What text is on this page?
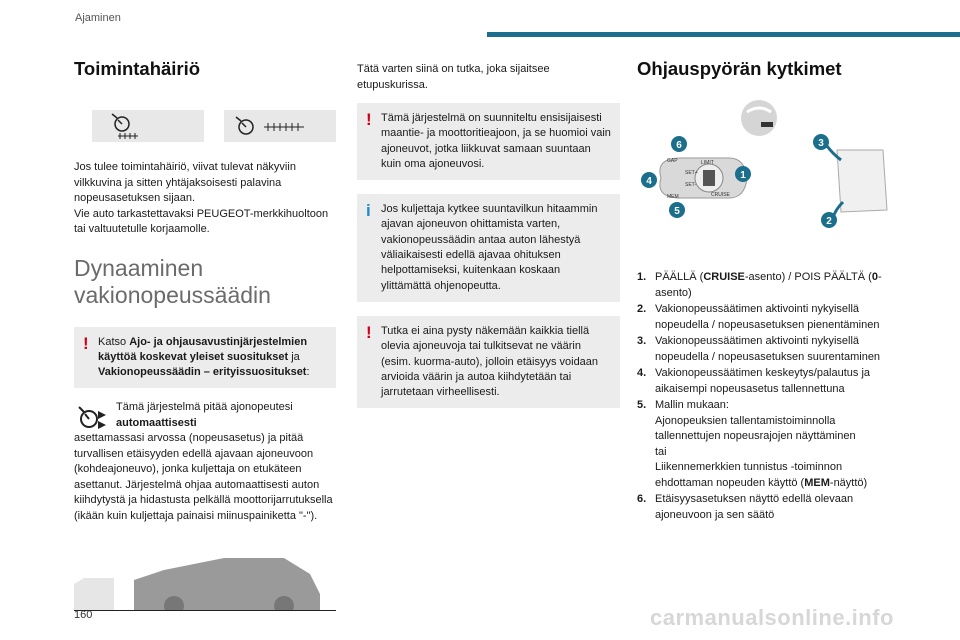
Ajaminen
Toimintahäiriö

Jos tulee toimintahäiriö, viivat tulevat näkyviin vilkkuvina ja sitten yhtäjaksoisesti palavina nopeusasetuksen sijaan.

Vie auto tarkastettavaksi PEUGEOT-merkkihuoltoon tai valtuutetulle korjaamolle.

Dynaaminen
vakionopeussäädin
! Katso Ajo- ja ohjausavustinjärjestelmien käyttöä koskevat yleiset suositukset ja Vakionopeussäädin – erityissuositukset:

Tämä järjestelmä pitää ajonopeutesi automaattisesti

asettamassasi arvossa (nopeusasetus) ja pitää turvallisen etäisyyden edellä ajavaan ajoneuvoon (kohdeajoneuvo), jonka kuljettaja on etukäteen asettanut. Järjestelmä ohjaa automaattisesti auton kiihdytystä ja hidastusta pelkällä moottorijarrutuksella (ikään kuin kuljettaja painaisi miinuspainiketta "-").

Tätä varten siinä on tutka, joka sijaitsee etupuskurissa.

! Tämä järjestelmä on suunniteltu ensisijaisesti maantie- ja moottoritieajoon, ja se huomioi vain ajoneuvot, jotka liikkuvat samaan suuntaan kuin oma ajoneuvosi.
i Jos kuljettaja kytkee suuntavilkun hitaammin ajavan ajoneuvon ohittamista varten, vakionopeussäädin antaa auton lähestyä väliaikaisesti edellä ajavaa ohituksen helpottamiseksi, kuitenkaan koskaan ylittämättä ohjenopeutta.
! Tutka ei aina pysty näkemään kaikkia tiellä olevia ajoneuvoja tai tulkitsevat ne väärin (esim. kuorma-auto), jolloin etäisyys voidaan arvioida väärin ja autoa kiihdytetään tai jarrutetaan virheellisesti.
Ohjauspyörän kytkimet
1
2
3
4
5
6
GAP
MEM
LIMIT
SET+
SET-
CRUISE
1. PÄÄLLÄ (CRUISE-asento) / POIS PÄÄLTÄ (0-asento)
2. Vakionopeussäätimen aktivointi nykyisellä nopeudella / nopeusasetuksen pienentäminen
3. Vakionopeussäätimen aktivointi nykyisellä nopeudella / nopeusasetuksen suurentaminen
4. Vakionopeussäätimen keskeytys/palautus ja aikaisempi nopeusasetus tallennettuna
5. Mallin mukaan:
Ajonopeuksien tallentamistoiminnolla tallennettujen nopeusrajojen näyttäminen
tai
Liikennemerkkien tunnistus -toiminnon ehdottaman nopeuden käyttö (MEM-näyttö)
6. Etäisyysasetuksen näyttö edellä olevaan ajoneuvoon ja sen säätö
160	carmanualsonline.info
